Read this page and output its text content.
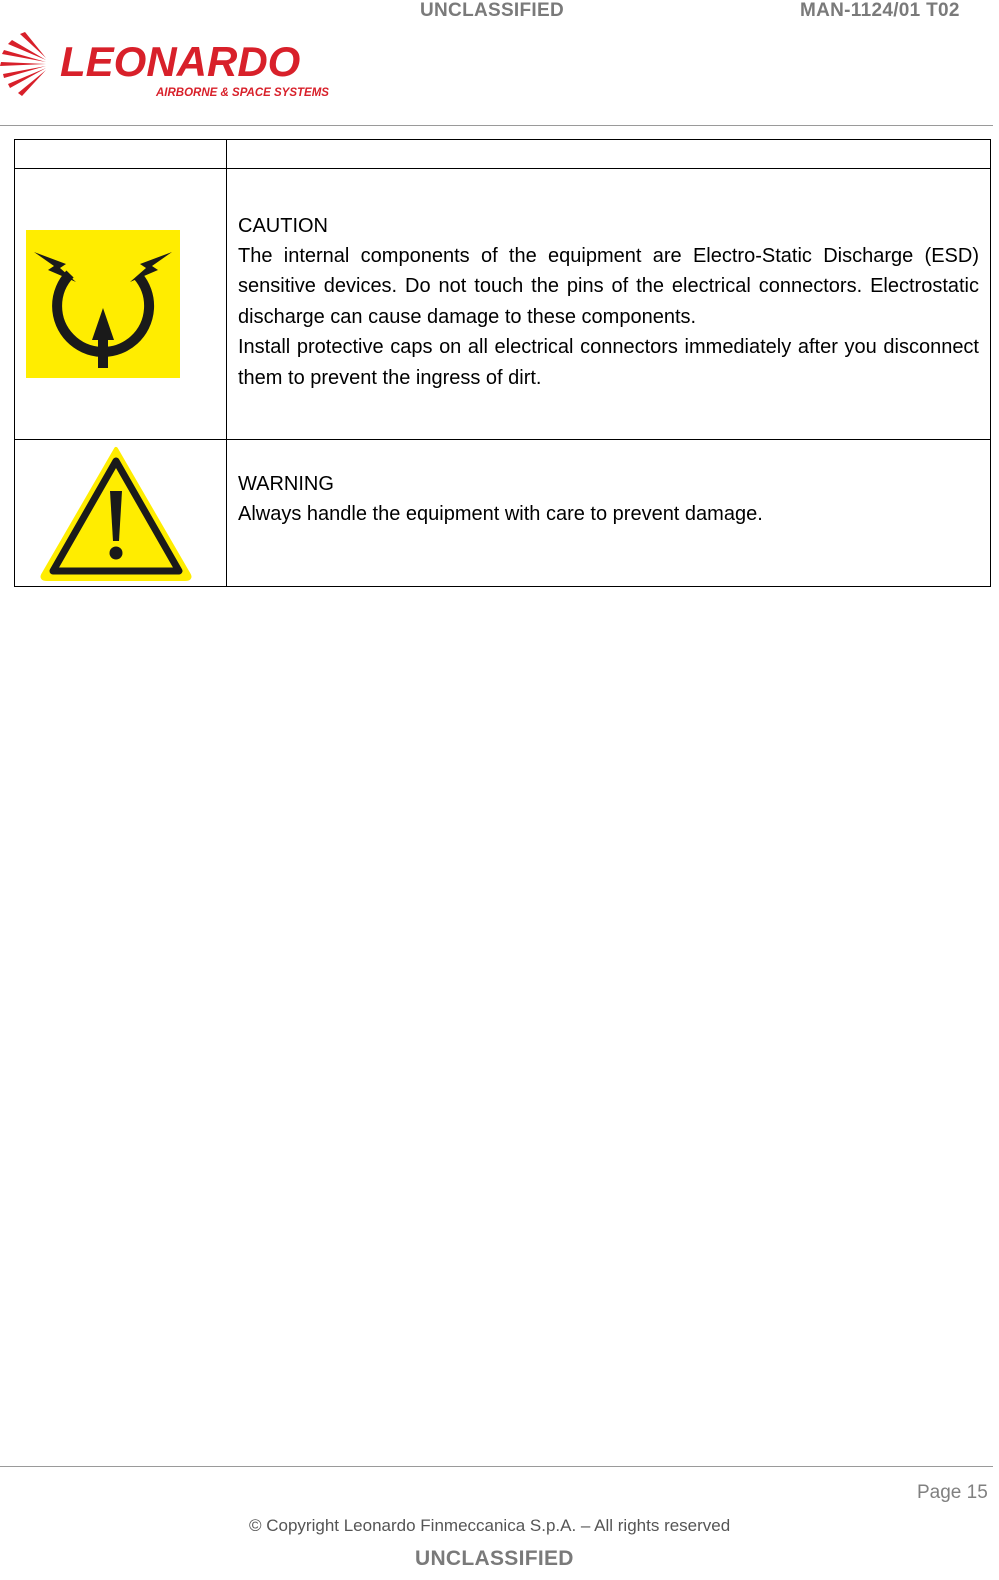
UNCLASSIFIED	MAN-1124/01 T02
LEONARDO
AIRBORNE & SPACE SYSTEMS

CAUTION

The internal components of the equipment are Electro-Static Discharge (ESD) sensitive devices. Do not touch the pins of the electrical connectors. Electrostatic discharge can cause damage to these components.

Install protective caps on all electrical connectors immediately after you disconnect them to prevent the ingress of dirt.

WARNING

Always handle the equipment with care to prevent damage.

Page 15
© Copyright Leonardo Finmeccanica S.p.A. – All rights reserved
UNCLASSIFIED
